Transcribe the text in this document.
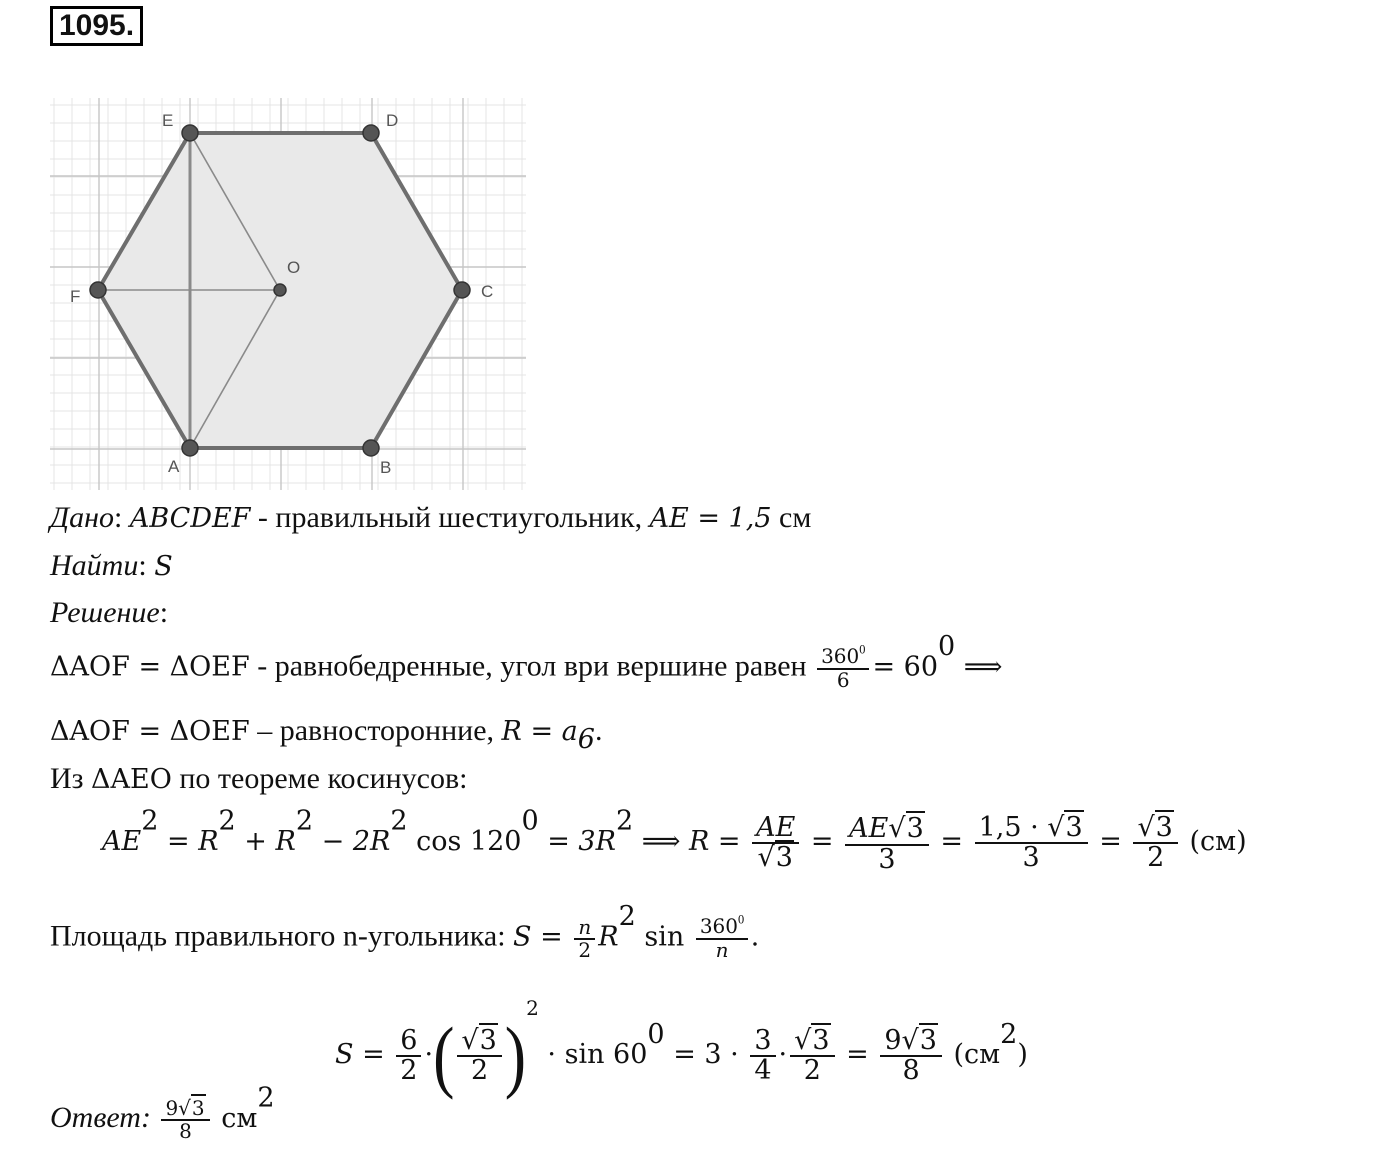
1095.
E	D
F
O
C
A	B
Дано: ABCDEF - правильный шестиугольник, AE = 1,5 см
Найти: S
Решение:
ΔAOF = ΔOEF - равнобедренные, угол ври вершине равен $\frac{360^0}{6} = 60^0$ ⟹
ΔAOF = ΔOEF – равносторонние, $R = a_6$.
Из ΔAEO по теореме косинусов:
$AE^2 = R^2 + R^2 - 2R^2$ $\cos 120^0 = 3R^2$ ⟹ $R = \frac{AE}{√3} = \frac{AE√3}{3} = \frac{1,5 \cdot √3}{3} = \frac{√3}{2} (см)$
Площадь правильного n-угольника: $S = \frac{n}{2} R^2$ $\sin \frac{360^0}{n}$ .
$S = \frac{6}{2}$ ·( $\frac{√3}{2} )^2 \cdot \sin 60^0 = 3 \cdot \frac{3}{4} \cdot \frac{√3}{2} = \frac{9√3}{8} (см^2)$
Ответ: $\frac{9√3}{8} см^2$
